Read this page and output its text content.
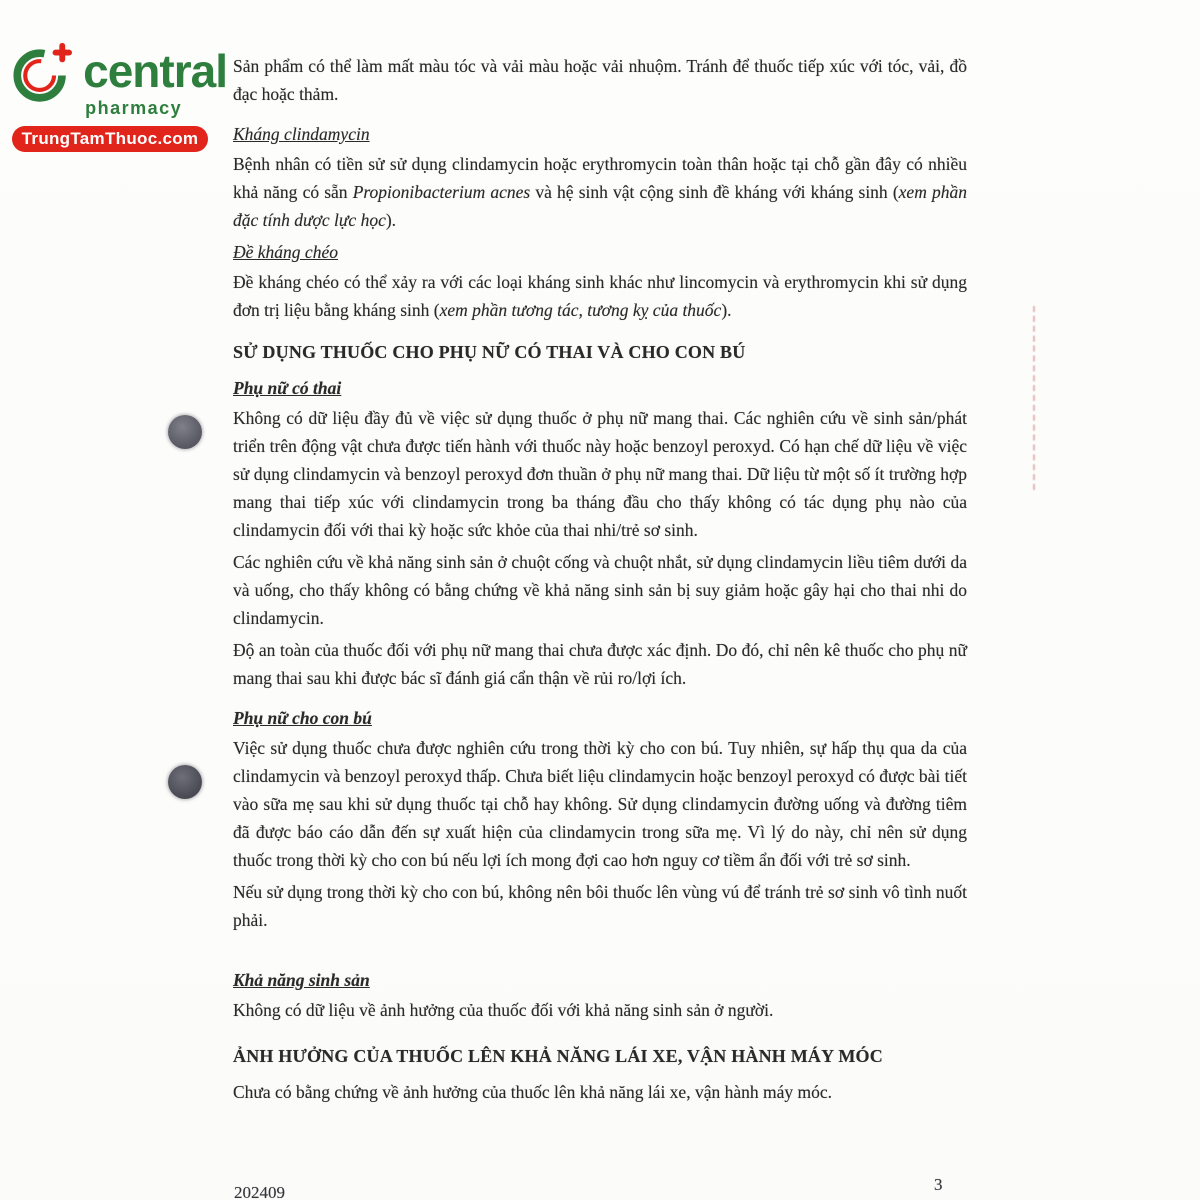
central
pharmacy
TrungTamThuoc.com

Sản phẩm có thể làm mất màu tóc và vải màu hoặc vải nhuộm. Tránh để thuốc tiếp xúc với tóc, vải, đồ đạc hoặc thảm.

Kháng clindamycin

Bệnh nhân có tiền sử sử dụng clindamycin hoặc erythromycin toàn thân hoặc tại chỗ gần đây có nhiều khả năng có sẵn Propionibacterium acnes và hệ sinh vật cộng sinh đề kháng với kháng sinh (xem phần đặc tính dược lực học).

Đề kháng chéo

Đề kháng chéo có thể xảy ra với các loại kháng sinh khác như lincomycin và erythromycin khi sử dụng đơn trị liệu bằng kháng sinh (xem phần tương tác, tương kỵ của thuốc).

SỬ DỤNG THUỐC CHO PHỤ NỮ CÓ THAI VÀ CHO CON BÚ
Phụ nữ có thai

Không có dữ liệu đầy đủ về việc sử dụng thuốc ở phụ nữ mang thai. Các nghiên cứu về sinh sản/phát triển trên động vật chưa được tiến hành với thuốc này hoặc benzoyl peroxyd. Có hạn chế dữ liệu về việc sử dụng clindamycin và benzoyl peroxyd đơn thuần ở phụ nữ mang thai. Dữ liệu từ một số ít trường hợp mang thai tiếp xúc với clindamycin trong ba tháng đầu cho thấy không có tác dụng phụ nào của clindamycin đối với thai kỳ hoặc sức khỏe của thai nhi/trẻ sơ sinh.

Các nghiên cứu về khả năng sinh sản ở chuột cống và chuột nhắt, sử dụng clindamycin liều tiêm dưới da và uống, cho thấy không có bằng chứng về khả năng sinh sản bị suy giảm hoặc gây hại cho thai nhi do clindamycin.

Độ an toàn của thuốc đối với phụ nữ mang thai chưa được xác định. Do đó, chỉ nên kê thuốc cho phụ nữ mang thai sau khi được bác sĩ đánh giá cẩn thận về rủi ro/lợi ích.

Phụ nữ cho con bú

Việc sử dụng thuốc chưa được nghiên cứu trong thời kỳ cho con bú. Tuy nhiên, sự hấp thụ qua da của clindamycin và benzoyl peroxyd thấp. Chưa biết liệu clindamycin hoặc benzoyl peroxyd có được bài tiết vào sữa mẹ sau khi sử dụng thuốc tại chỗ hay không. Sử dụng clindamycin đường uống và đường tiêm đã được báo cáo dẫn đến sự xuất hiện của clindamycin trong sữa mẹ. Vì lý do này, chỉ nên sử dụng thuốc trong thời kỳ cho con bú nếu lợi ích mong đợi cao hơn nguy cơ tiềm ẩn đối với trẻ sơ sinh.

Nếu sử dụng trong thời kỳ cho con bú, không nên bôi thuốc lên vùng vú để tránh trẻ sơ sinh vô tình nuốt phải.

Khả năng sinh sản

Không có dữ liệu về ảnh hưởng của thuốc đối với khả năng sinh sản ở người.

ẢNH HƯỞNG CỦA THUỐC LÊN KHẢ NĂNG LÁI XE, VẬN HÀNH MÁY MÓC

Chưa có bằng chứng về ảnh hưởng của thuốc lên khả năng lái xe, vận hành máy móc.

202409	3
